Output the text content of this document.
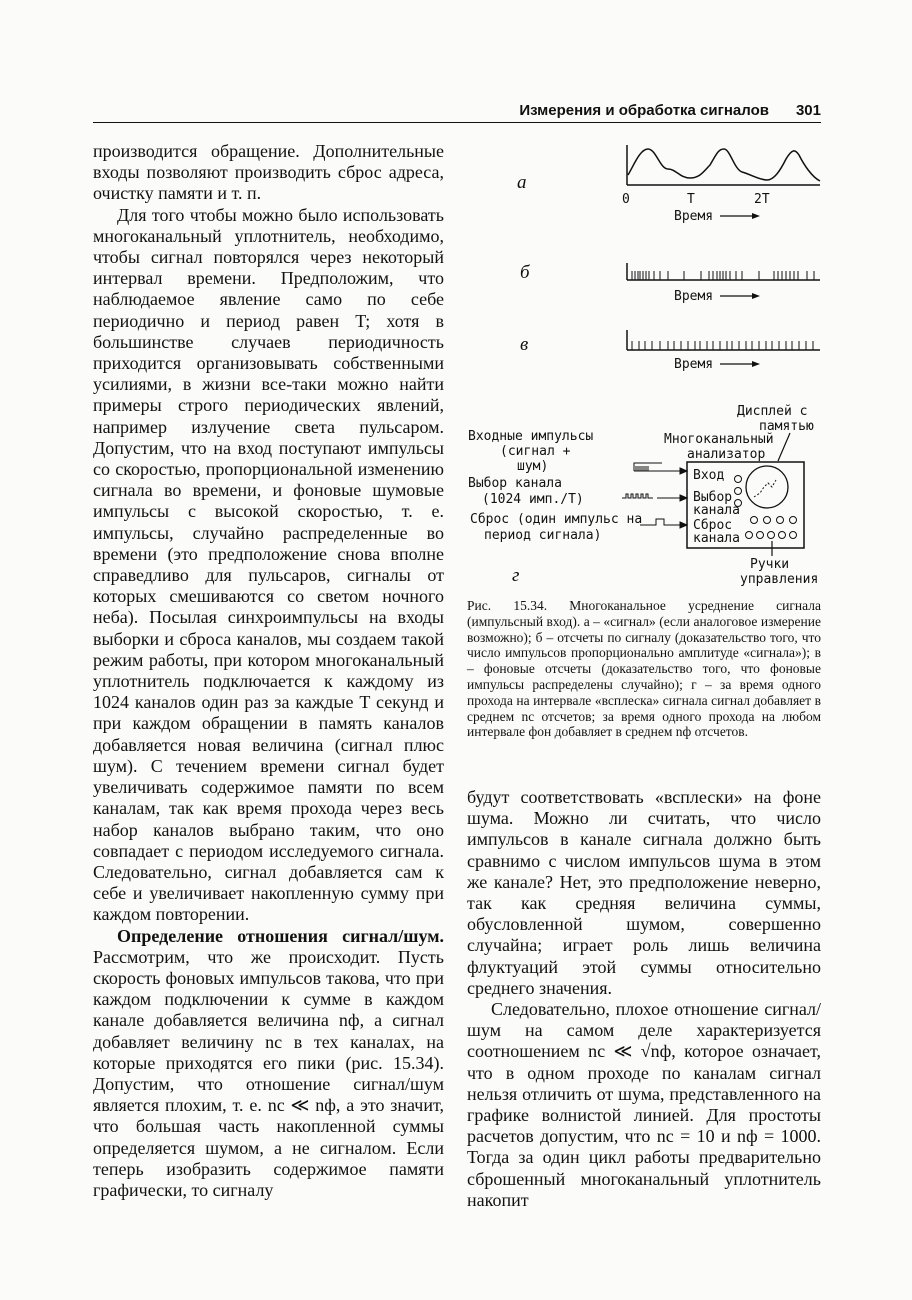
Измерения и обработка сигналов 301

производится обращение. Дополнительные входы позволяют производить сброс адреса, очистку памяти и т. п.

Для того чтобы можно было использовать многоканальный уплотнитель, необходимо, чтобы сигнал повторялся через некоторый интервал времени. Предположим, что наблюдаемое явление само по себе периодично и период равен T; хотя в большинстве случаев периодичность приходится организовывать собственными усилиями, в жизни все-таки можно найти примеры строго периодических явлений, например излучение света пульсаром. Допустим, что на вход поступают импульсы со скоростью, пропорциональной изменению сигнала во времени, и фоновые шумовые импульсы с высокой скоростью, т. е. импульсы, случайно распределенные во времени (это предположение снова вполне справедливо для пульсаров, сигналы от которых смешиваются со светом ночного неба). Посылая синхроимпульсы на входы выборки и сброса каналов, мы создаем такой режим работы, при котором многоканальный уплотнитель подключается к каждому из 1024 каналов один раз за каждые T секунд и при каждом обращении в память каналов добавляется новая величина (сигнал плюс шум). С течением времени сигнал будет увеличивать содержимое памяти по всем каналам, так как время прохода через весь набор каналов выбрано таким, что оно совпадает с периодом исследуемого сигнала. Следовательно, сигнал добавляется сам к себе и увеличивает накопленную сумму при каждом повторении.

Определение отношения сигнал/шум. Рассмотрим, что же происходит. Пусть скорость фоновых импульсов такова, что при каждом подключении к сумме в каждом канале добавляется величина nф, а сигнал добавляет величину nс в тех каналах, на которые приходятся его пики (рис. 15.34). Допустим, что отношение сигнал/шум является плохим, т. е. nс ≪ nф, а это значит, что большая часть накопленной суммы определяется шумом, а не сигналом. Если теперь изобразить содержимое памяти графически, то сигналу

а
0	T	2T
Время
б
Время
в
Время
Дисплей с
памятью
Многоканальный
анализатор
Входные импульсы
(сигнал +
шум)
Выбор канала
(1024 имп./T)
Сброс (один импульс на
период сигнала)
Вход
Выбор
канала
Сброс
канала
Ручки
управления
г

Рис. 15.34. Многоканальное усреднение сигнала (импульсный вход). а – «сигнал» (если аналоговое измерение возможно); б – отсчеты по сигналу (доказательство того, что число импульсов пропорционально амплитуде «сигнала»); в – фоновые отсчеты (доказательство того, что фоновые импульсы распределены случайно); г – за время одного прохода на интервале «всплеска» сигнала сигнал добавляет в среднем nс отсчетов; за время одного прохода на любом интервале фон добавляет в среднем nф отсчетов.

будут соответствовать «всплески» на фоне шума. Можно ли считать, что число импульсов в канале сигнала должно быть сравнимо с числом импульсов шума в этом же канале? Нет, это предположение неверно, так как средняя величина суммы, обусловленной шумом, совершенно случайна; играет роль лишь величина флуктуаций этой суммы относительно среднего значения.

Следовательно, плохое отношение сигнал/шум на самом деле характеризуется соотношением nс ≪ √nф, которое означает, что в одном проходе по каналам сигнал нельзя отличить от шума, представленного на графике волнистой линией. Для простоты расчетов допустим, что nс = 10 и nф = 1000. Тогда за один цикл работы предварительно сброшенный многоканальный уплотнитель накопит
